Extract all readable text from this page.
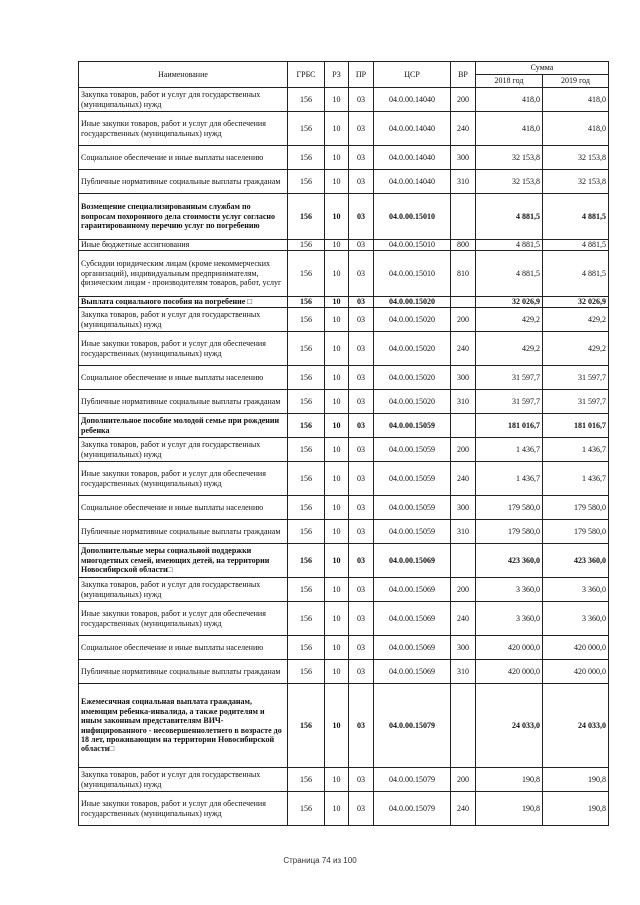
Наименование	ГРБС	РЗ	ПР	ЦСР	ВР	Сумма	
						2018 год	2019 год
Закупка товаров, работ и услуг для государственных (муниципальных) нужд	156	10	03	04.0.00.14040	200	418,0	418,0
Иные закупки товаров, работ и услуг для обеспечения государственных (муниципальных) нужд	156	10	03	04.0.00.14040	240	418,0	418,0
Социальное обеспечение и иные выплаты населению	156	10	03	04.0.00.14040	300	32 153,8	32 153,8
Публичные нормативные социальные выплаты гражданам	156	10	03	04.0.00.14040	310	32 153,8	32 153,8
Возмещение специализированным службам по вопросам похоронного дела стоимости услуг согласно гарантированному перечню услуг по погребению	156	10	03	04.0.00.15010		4 881,5	4 881,5
Иные бюджетные ассигнования	156	10	03	04.0.00.15010	800	4 881,5	4 881,5
Субсидии юридическим лицам (кроме некоммерческих организаций), индивидуальным предпринимателям, физическим лицам - производителям товаров, работ, услуг	156	10	03	04.0.00.15010	810	4 881,5	4 881,5
Выплата социального пособия на погребение □	156	10	03	04.0.00.15020		32 026,9	32 026,9
Закупка товаров, работ и услуг для государственных (муниципальных) нужд	156	10	03	04.0.00.15020	200	429,2	429,2
Иные закупки товаров, работ и услуг для обеспечения государственных (муниципальных) нужд	156	10	03	04.0.00.15020	240	429,2	429,2
Социальное обеспечение и иные выплаты населению	156	10	03	04.0.00.15020	300	31 597,7	31 597,7
Публичные нормативные социальные выплаты гражданам	156	10	03	04.0.00.15020	310	31 597,7	31 597,7
Дополнительное пособие молодой семье при рождении ребенка	156	10	03	04.0.00.15059		181 016,7	181 016,7
Закупка товаров, работ и услуг для государственных (муниципальных) нужд	156	10	03	04.0.00.15059	200	1 436,7	1 436,7
Иные закупки товаров, работ и услуг для обеспечения государственных (муниципальных) нужд	156	10	03	04.0.00.15059	240	1 436,7	1 436,7
Социальное обеспечение и иные выплаты населению	156	10	03	04.0.00.15059	300	179 580,0	179 580,0
Публичные нормативные социальные выплаты гражданам	156	10	03	04.0.00.15059	310	179 580,0	179 580,0
Дополнительные меры социальной поддержки многодетных семей, имеющих детей, на территории Новосибирской области□	156	10	03	04.0.00.15069		423 360,0	423 360,0
Закупка товаров, работ и услуг для государственных (муниципальных) нужд	156	10	03	04.0.00.15069	200	3 360,0	3 360,0
Иные закупки товаров, работ и услуг для обеспечения государственных (муниципальных) нужд	156	10	03	04.0.00.15069	240	3 360,0	3 360,0
Социальное обеспечение и иные выплаты населению	156	10	03	04.0.00.15069	300	420 000,0	420 000,0
Публичные нормативные социальные выплаты гражданам	156	10	03	04.0.00.15069	310	420 000,0	420 000,0
Ежемесячная социальная выплата гражданам, имеющим ребенка-инвалида, а также родителям и иным законным представителям ВИЧ-инфицированного - несовершеннолетнего в возрасте до 18 лет, проживающим на территории Новосибирской области□	156	10	03	04.0.00.15079		24 033,0	24 033,0
Закупка товаров, работ и услуг для государственных (муниципальных) нужд	156	10	03	04.0.00.15079	200	190,8	190,8
Иные закупки товаров, работ и услуг для обеспечения государственных (муниципальных) нужд	156	10	03	04.0.00.15079	240	190,8	190,8
Страница 74 из 100
